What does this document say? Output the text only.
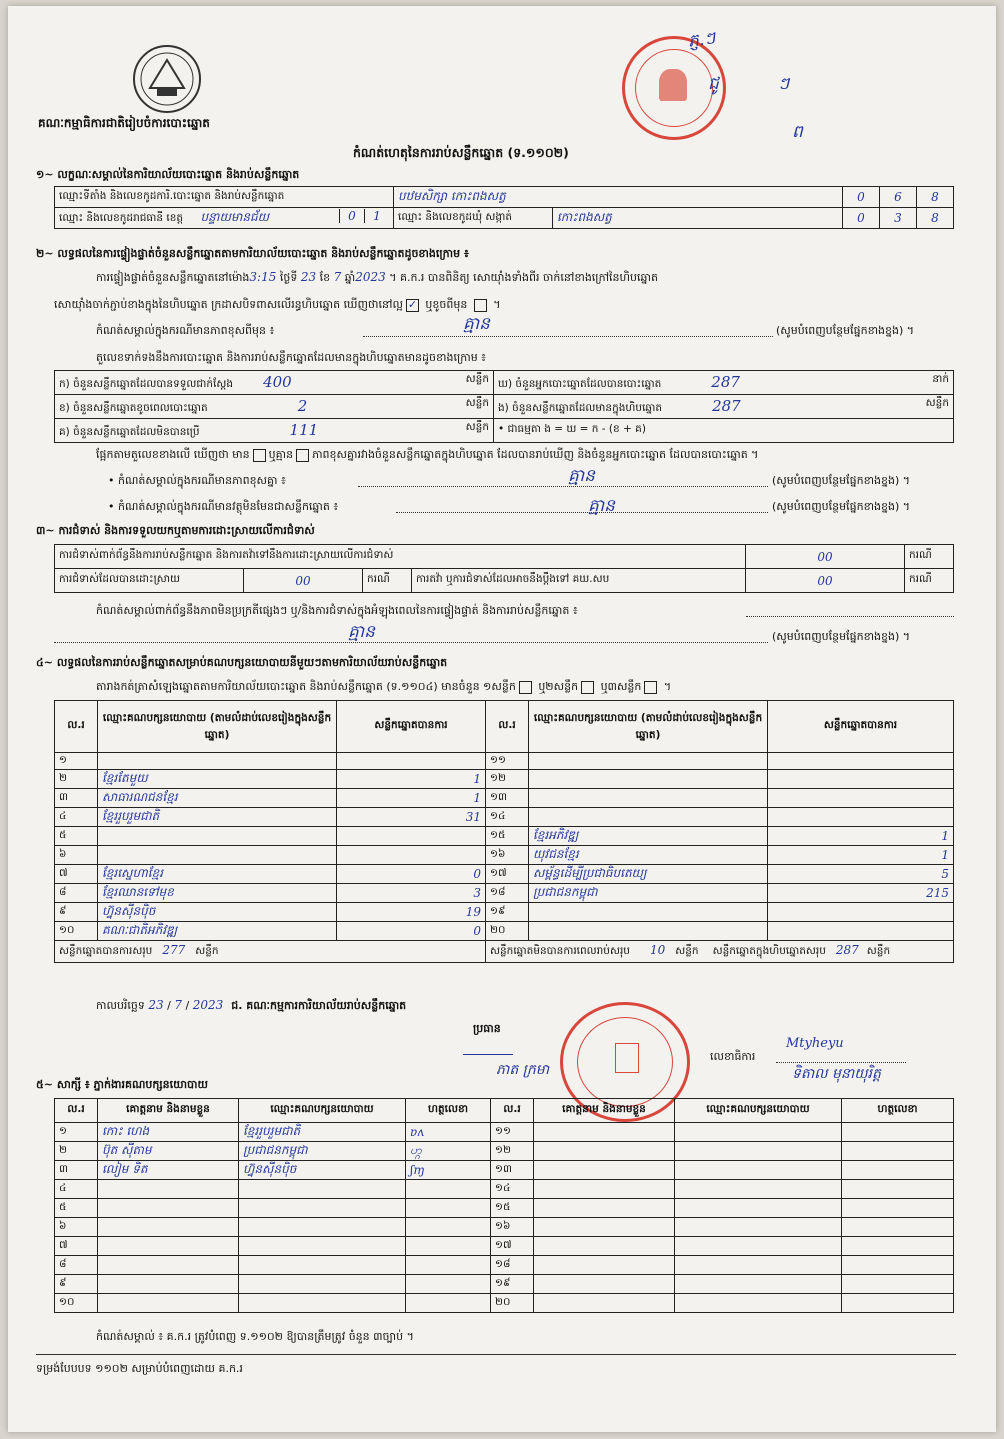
គណៈកម្មាធិការជាតិរៀបចំការបោះឆ្នោត
កំណត់ហេតុនៃការរាប់សន្លឹកឆ្នោត (ទ.១១០២)
ភ្ញ.ៗ
ជូ	ៗ
ព
១~ លក្ខណៈសម្គាល់នៃការិយាល័យបោះឆ្នោត និងរាប់សន្លឹកឆ្នោត
ឈ្មោះទីតាំង និងលេខកូដការិ.បោះឆ្នោត និងរាប់សន្លឹកឆ្នោត	បឋមសិក្សា កោះពងសត្វ		0	6	8
ឈ្មោះ និងលេខកូដរាជធានី ខេត្ត បន្ទាយមានជ័យ 0 1	ឈ្មោះ និងលេខកូដឃុំ សង្កាត់	កោះពងសត្វ	0	3	8
២~ លទ្ធផលនៃការផ្ទៀងផ្ទាត់ចំនួនសន្លឹកឆ្នោតតាមការិយាល័យបោះឆ្នោត និងរាប់សន្លឹកឆ្នោតដូចខាងក្រោម ៖
ការផ្ទៀងផ្ទាត់ចំនួនសន្លឹកឆ្នោតនៅម៉ោង3:15 ថ្ងៃទី 23 ខែ 7 ឆ្នាំ2023 ។ គ.ក.រ បានពិនិត្យ សោយ៉ាំងទាំងពីរ ចាក់នៅខាងក្រៅនៃហិបឆ្នោត
សោយ៉ាំងចាក់ភ្ជាប់ខាងក្នុងនៃហិបឆ្នោត ក្រដាសបិទពាសលើរន្ធហិបឆ្នោត ឃើញថានៅល្អ ✓ ឬខូចពីមុន  ។
កំណត់សម្គាល់ក្នុងករណីមានភាពខុសពីមុន ៖	គ្មាន	(សូមបំពេញបន្ថែមផ្នែកខាងខ្នង) ។
តួលេខទាក់ទងនឹងការបោះឆ្នោត និងការរាប់សន្លឹកឆ្នោតដែលមានក្នុងហិបឆ្នោតមានដូចខាងក្រោម ៖
ក) ចំនួនសន្លឹកឆ្នោតដែលបានទទួលជាក់ស្តែង 400 សន្លឹក	ឃ) ចំនួនអ្នកបោះឆ្នោតដែលបានបោះឆ្នោត 287 នាក់

ខ) ចំនួនសន្លឹកឆ្នោតខូចពេលបោះឆ្នោត 2 សន្លឹក	ង) ចំនួនសន្លឹកឆ្នោតដែលមានក្នុងហិបឆ្នោត 287 សន្លឹក

គ) ចំនួនសន្លឹកឆ្នោតដែលមិនបានប្រើ 111 សន្លឹក	• ជាធម្មតា ង = ឃ = ក - (ខ + គ)
ផ្អែកតាមតួលេខខាងលើ ឃើញថា មាន ឬគ្មាន ភាពខុសគ្នារវាងចំនួនសន្លឹកឆ្នោតក្នុងហិបឆ្នោត ដែលបានរាប់ឃើញ និងចំនួនអ្នកបោះឆ្នោត ដែលបានបោះឆ្នោត ។
• កំណត់សម្គាល់ក្នុងករណីមានភាពខុសគ្នា ៖	គ្មាន	(សូមបំពេញបន្ថែមផ្នែកខាងខ្នង) ។
• កំណត់សម្គាល់ក្នុងករណីមានវត្ថុមិនមែនជាសន្លឹកឆ្នោត ៖	គ្មាន	(សូមបំពេញបន្ថែមផ្នែកខាងខ្នង) ។
៣~ ការជំទាស់ និងការទទួលយកឬតាមការដោះស្រាយលើការជំទាស់
ការជំទាស់ពាក់ព័ន្ធនឹងការរាប់សន្លឹកឆ្នោត និងការតវ៉ាទៅនឹងការដោះស្រាយលើការជំទាស់				00	ករណី
ការជំទាស់ដែលបានដោះស្រាយ	00	ករណី	ការតវ៉ា ឬការជំទាស់ដែលអាចនឹងប្តឹងទៅ គឃ.សប	00	ករណី
កំណត់សម្គាល់ពាក់ព័ន្ធនឹងភាពមិនប្រក្រតីផ្សេងៗ ឬ/និងការជំទាស់ក្នុងអំឡុងពេលនៃការផ្ទៀងផ្ទាត់ និងការរាប់សន្លឹកឆ្នោត ៖
គ្មាន	(សូមបំពេញបន្ថែមផ្នែកខាងខ្នង) ។
៤~ លទ្ធផលនៃការរាប់សន្លឹកឆ្នោតសម្រាប់គណបក្សនយោបាយនីមួយៗតាមការិយាល័យរាប់សន្លឹកឆ្នោត
តារាងកត់ត្រាសំឡេងឆ្នោតតាមការិយាល័យបោះឆ្នោត និងរាប់សន្លឹកឆ្នោត (ទ.១១០៤) មានចំនួន ១សន្លឹក ឬ២សន្លឹក ឬ៣សន្លឹក ។
ល.រ	ឈ្មោះគណបក្សនយោបាយ (តាមលំដាប់លេខរៀងក្នុងសន្លឹកឆ្នោត)	សន្លឹកឆ្នោតបានការ	ល.រ	ឈ្មោះគណបក្សនយោបាយ (តាមលំដាប់លេខរៀងក្នុងសន្លឹកឆ្នោត)	សន្លឹកឆ្នោតបានការ
១			១១		
២	ខ្មែរតែមួយ	1	១២		
៣	សាធារណជនខ្មែរ	1	១៣		
៤	ខ្មែររួបរួមជាតិ	31	១៤		
៥			១៥	ខ្មែរអភិវឌ្ឍ	1
៦			១៦	យុវជនខ្មែរ	1
៧	ខ្មែរស្នេហាខ្មែរ	0	១៧	សម្ព័ន្ធដើម្បីប្រជាធិបតេយ្យ	5
៨	ខ្មែរឈានទៅមុខ	3	១៨	ប្រជាជនកម្ពុជា	215
៩	ហ្វ៊ុនស៊ីនប៉ិច	19	១៩		
១០	គណៈជាតិអភិវឌ្ឍ	0	២០		
សន្លឹកឆ្នោតបានការសរុប 277 សន្លឹក			សន្លឹកឆ្នោតមិនបានការពេលរាប់សរុប 10 សន្លឹក សន្លឹកឆ្នោតក្នុងហិបឆ្នោតសរុប 287 សន្លឹក		
កាលបរិច្ឆេទ 23 / 7 / 2023 ជ. គណៈកម្មការការិយាល័យរាប់សន្លឹកឆ្នោត
ប្រធាន
ភាត ក្រមា
លេខាធិការ
Mtyheyu
ទិតាល មុនាយុរិត្ត
៥~ សាក្សី ៖ ភ្នាក់ងារគណបក្សនយោបាយ
ល.រ	គោត្តនាម និងនាមខ្លួន	ឈ្មោះគណបក្សនយោបាយ	ហត្ថលេខា	ល.រ	គោត្តនាម និងនាមខ្លួន	ឈ្មោះគណបក្សនយោបាយ	ហត្ថលេខា
១	កោះ ហេង	ខ្មែររួបរួមជាតិ	ɐʌ	១១			
២	ប៊ុត ស៊ីតាម	ប្រជាជនកម្ពុជា	ဟ္ဂ	១២			
៣	លៀម ទិត	ហ្វ៊ុនស៊ីនប៉ិច	ʃɱ	១៣			
៤				១៤			
៥				១៥			
៦				១៦			
៧				១៧			
៨				១៨			
៩				១៩			
១០				២០			
កំណត់សម្គាល់ ៖ គ.ក.រ ត្រូវបំពេញ ទ.១១០២ ឱ្យបានត្រឹមត្រូវ ចំនួន ៣ច្បាប់ ។
ទម្រង់បែបបទ ១១០២ សម្រាប់បំពេញដោយ គ.ក.រ
